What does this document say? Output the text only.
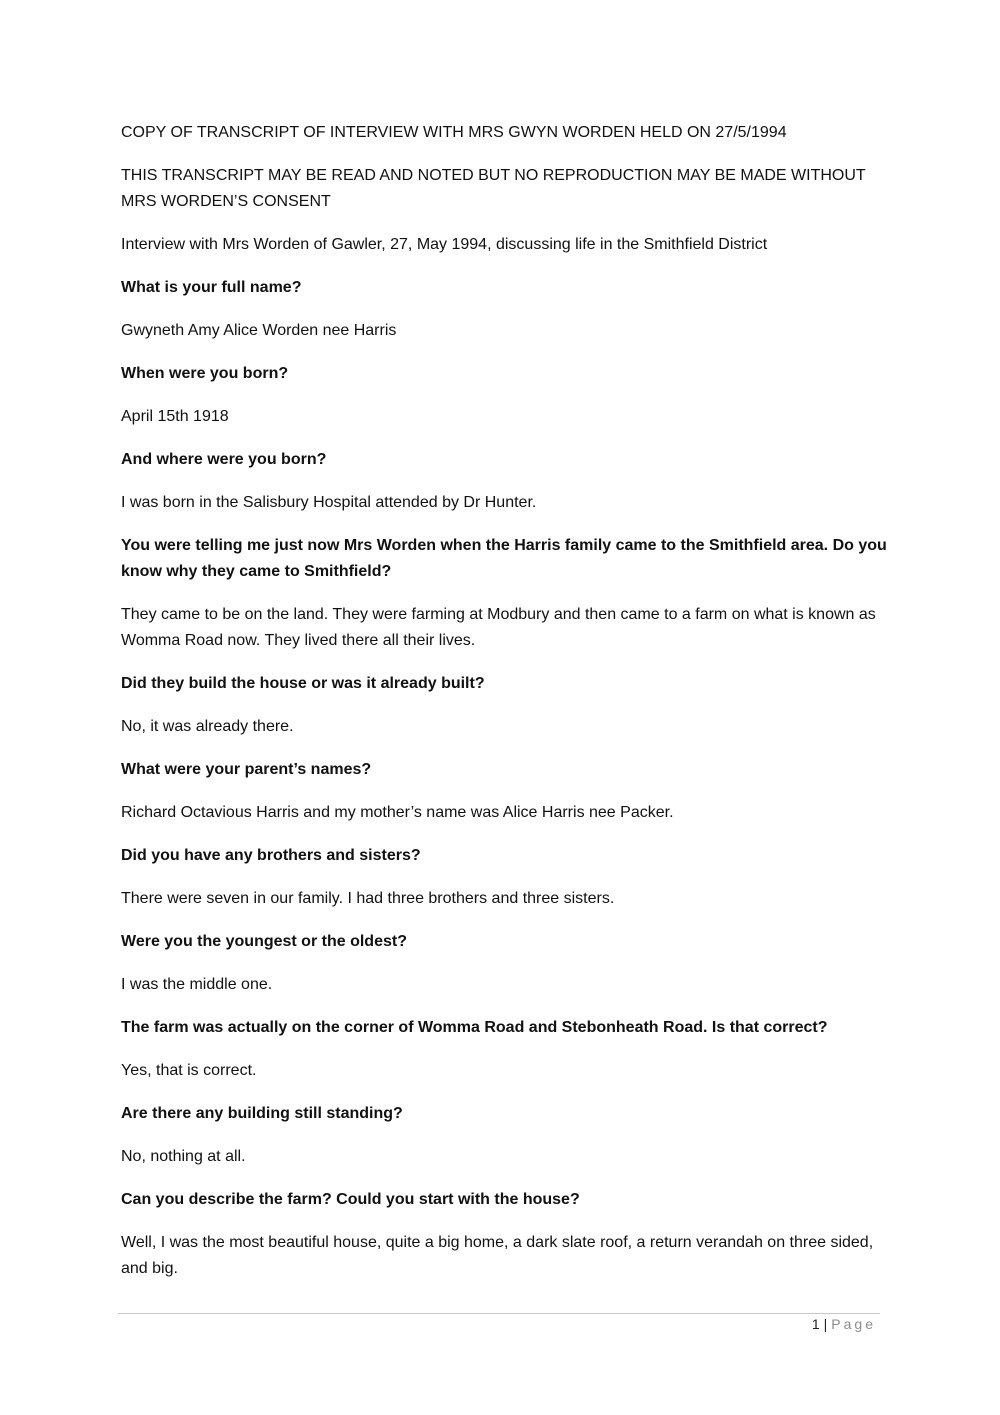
COPY OF TRANSCRIPT OF INTERVIEW WITH MRS GWYN WORDEN HELD ON 27/5/1994

THIS TRANSCRIPT MAY BE READ AND NOTED BUT NO REPRODUCTION MAY BE MADE WITHOUT MRS WORDEN’S CONSENT

Interview with Mrs Worden of Gawler, 27, May 1994, discussing life in the Smithfield District

What is your full name?

Gwyneth Amy Alice Worden nee Harris

When were you born?

April 15th 1918

And where were you born?

I was born in the Salisbury Hospital attended by Dr Hunter.

You were telling me just now Mrs Worden when the Harris family came to the Smithfield area. Do you know why they came to Smithfield?

They came to be on the land. They were farming at Modbury and then came to a farm on what is known as Womma Road now. They lived there all their lives.

Did they build the house or was it already built?

No, it was already there.

What were your parent’s names?

Richard Octavious Harris and my mother’s name was Alice Harris nee Packer.

Did you have any brothers and sisters?

There were seven in our family. I had three brothers and three sisters.

Were you the youngest or the oldest?

I was the middle one.

The farm was actually on the corner of Womma Road and Stebonheath Road. Is that correct?

Yes, that is correct.

Are there any building still standing?

No, nothing at all.

Can you describe the farm? Could you start with the house?

Well, I was the most beautiful house, quite a big home, a dark slate roof, a return verandah on three sided, and big.

1 | Page
